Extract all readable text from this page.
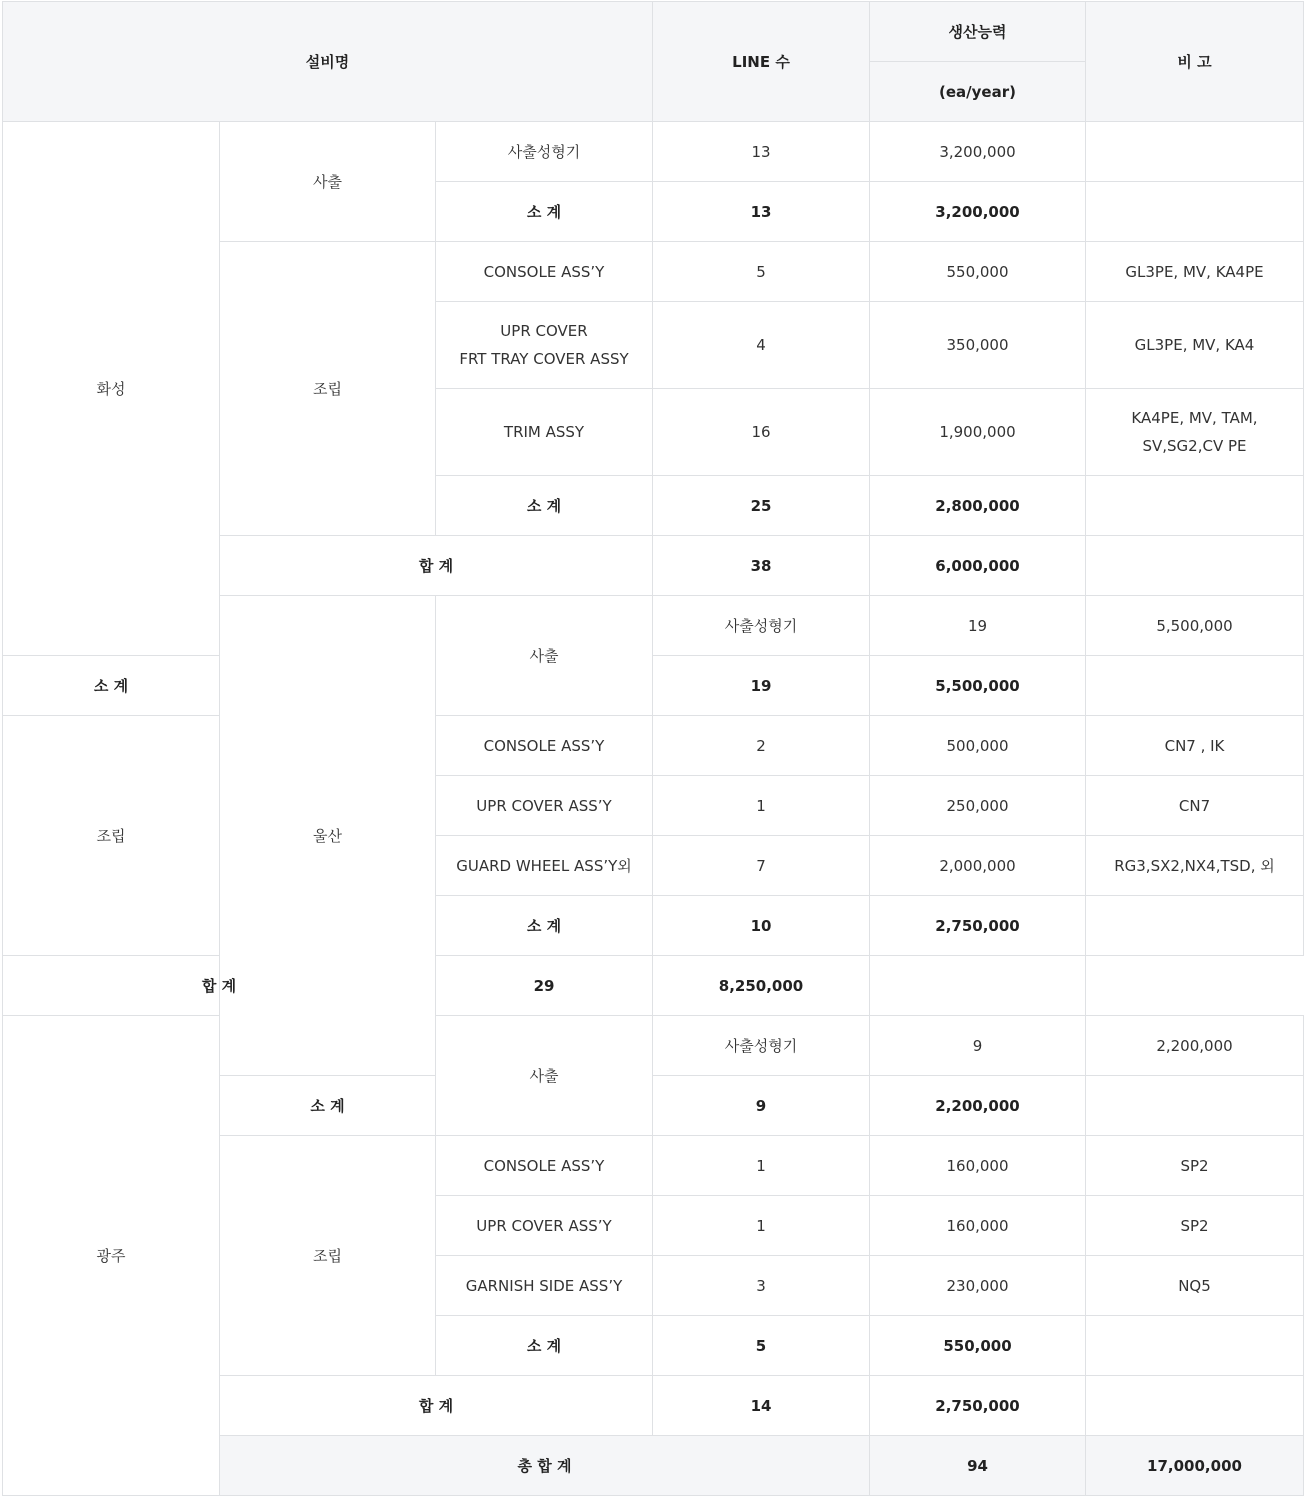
설비명			LINE 수	생산능력	비 고	
				(ea/year)		
화성	사출	사출성형기	13	3,200,000		
		소 계	13	3,200,000		
	조립	CONSOLE ASS’Y	5	550,000	GL3PE, MV, KA4PE	
		UPR COVER
FRT TRAY COVER ASSY	4	350,000	GL3PE, MV, KA4	
		TRIM ASSY	16	1,900,000	KA4PE, MV, TAM,
SV,SG2,CV PE	
		소 계	25	2,800,000		
	합 계		38	6,000,000		
	울산	사출	사출성형기	19	5,500,000	
소 계			19	5,500,000		
조립		CONSOLE ASS’Y	2	500,000	CN7 , IK	
		UPR COVER ASS’Y	1	250,000	CN7	
		GUARD WHEEL ASS’Y외	7	2,000,000	RG3,SX2,NX4,TSD, 외	
		소 계	10	2,750,000		
합 계		29	8,250,000			
광주		사출	사출성형기	9	2,200,000	
	소 계		9	2,200,000		
	조립	CONSOLE ASS’Y	1	160,000	SP2	
		UPR COVER ASS’Y	1	160,000	SP2	
		GARNISH SIDE ASS’Y	3	230,000	NQ5	
		소 계	5	550,000		
	합 계		14	2,750,000		
	총 합 계			94	17,000,000	
